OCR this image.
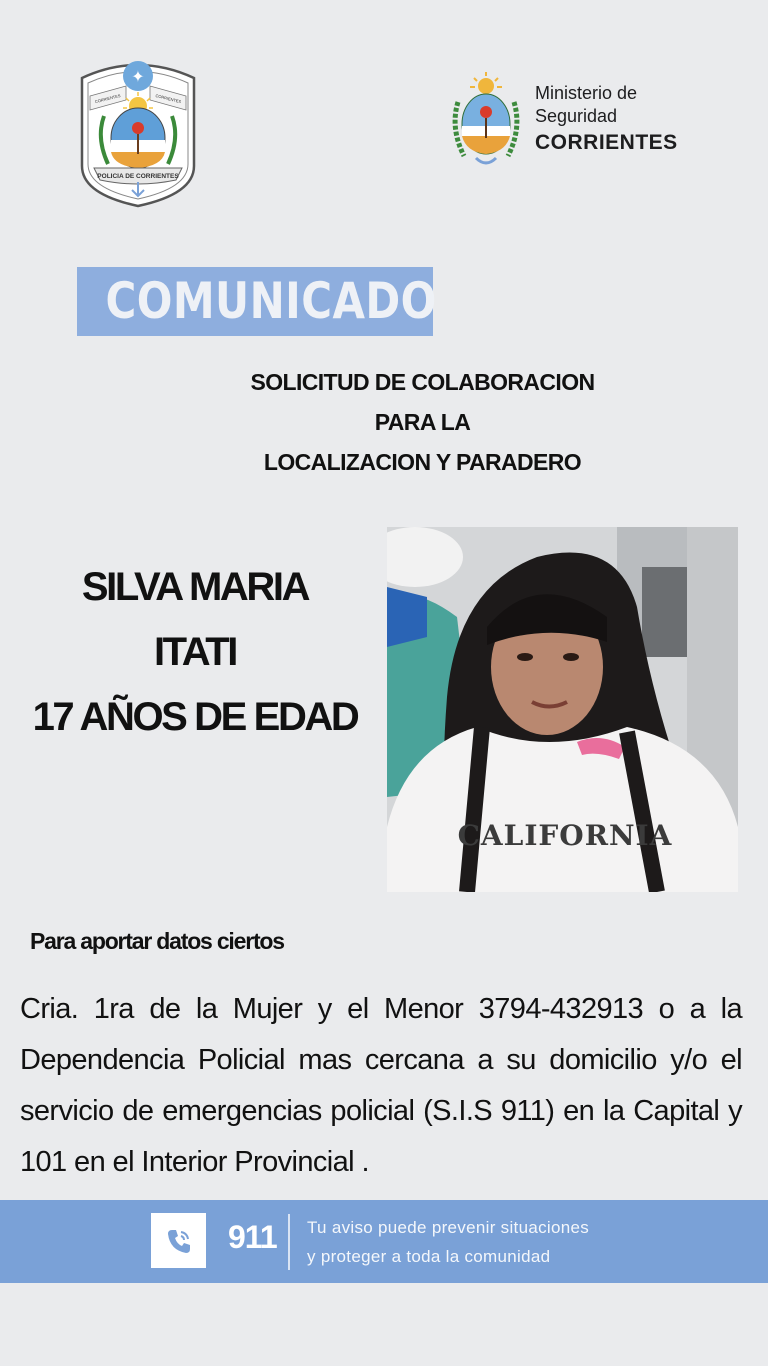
✦
POLICIA DE CORRIENTES
CORRIENTES	CORRIENTES	Ministerio de
Seguridad
CORRIENTES
COMUNICADO
SOLICITUD DE COLABORACION
PARA LA
LOCALIZACION Y PARADERO
SILVA MARIA
ITATI
17 AÑOS DE EDAD
CALIFORNIA
Para aportar datos ciertos
Cria. 1ra de la Mujer y el Menor 3794-432913 o a la Dependencia Policial mas cercana a su domicilio y/o el servicio de emergencias policial (S.I.S 911) en la Capital y 101 en el Interior Provincial .
911 Tu aviso puede prevenir situaciones
y proteger a toda la comunidad
